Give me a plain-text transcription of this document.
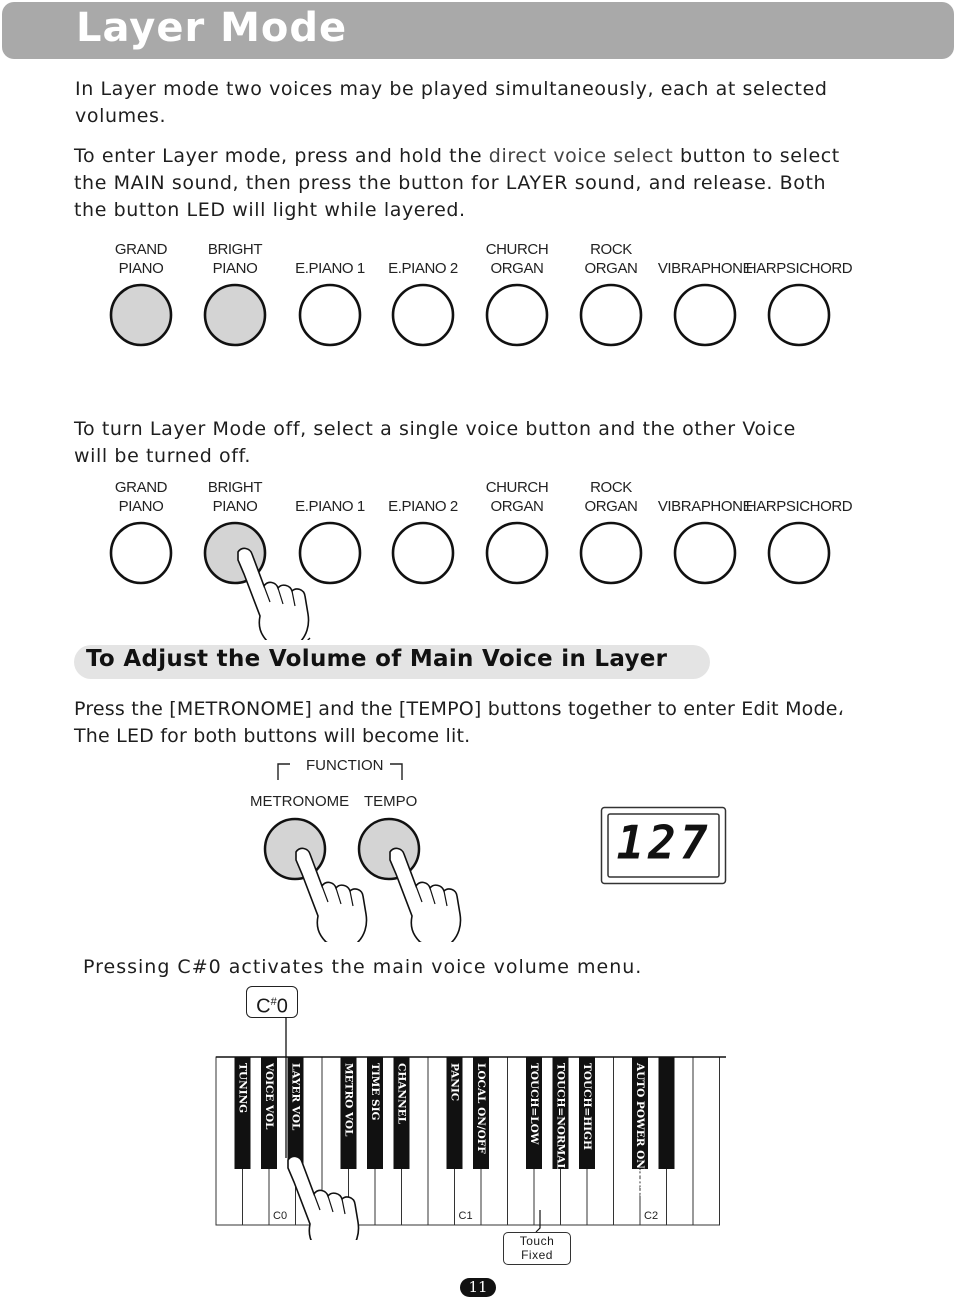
Layer Mode
In Layer mode two voices may be played simultaneously, each at selected
volumes.
To enter Layer mode, press and hold the direct voice select button to select
the MAIN sound, then press the button for LAYER sound, and release. Both
the button LED will light while layered.
GRAND
PIANO
BRIGHT
PIANO	E.PIANO 1	E.PIANO 2
CHURCH
ORGAN
ROCK
ORGAN	VIBRAPHONE
HARPSICHORD
To turn Layer Mode off, select a single voice button and the other Voice
will be turned off.
GRAND
PIANO
BRIGHT
PIANO	E.PIANO 1	E.PIANO 2
CHURCH
ORGAN
ROCK
ORGAN	VIBRAPHONE
HARPSICHORD
To Adjust the Volume of Main Voice in Layer
Press the [METRONOME] and the [TEMPO] buttons together to enter Edit Mode،
The LED for both buttons will become lit.
FUNCTION
METRONOME TEMPO
127
Pressing C#0 activates the main voice volume menu.
C#0
TUNING VOICE VOL LAYER VOL	METRO VOL TIME SIG CHANNEL	PANIC LOCAL ON/OFF	TOUCH=LOW TOUCH=NORMAL TOUCH=HIGH	AUTO POWER ON/OFF
C0	C1	C2
Touch
Fixed
11
